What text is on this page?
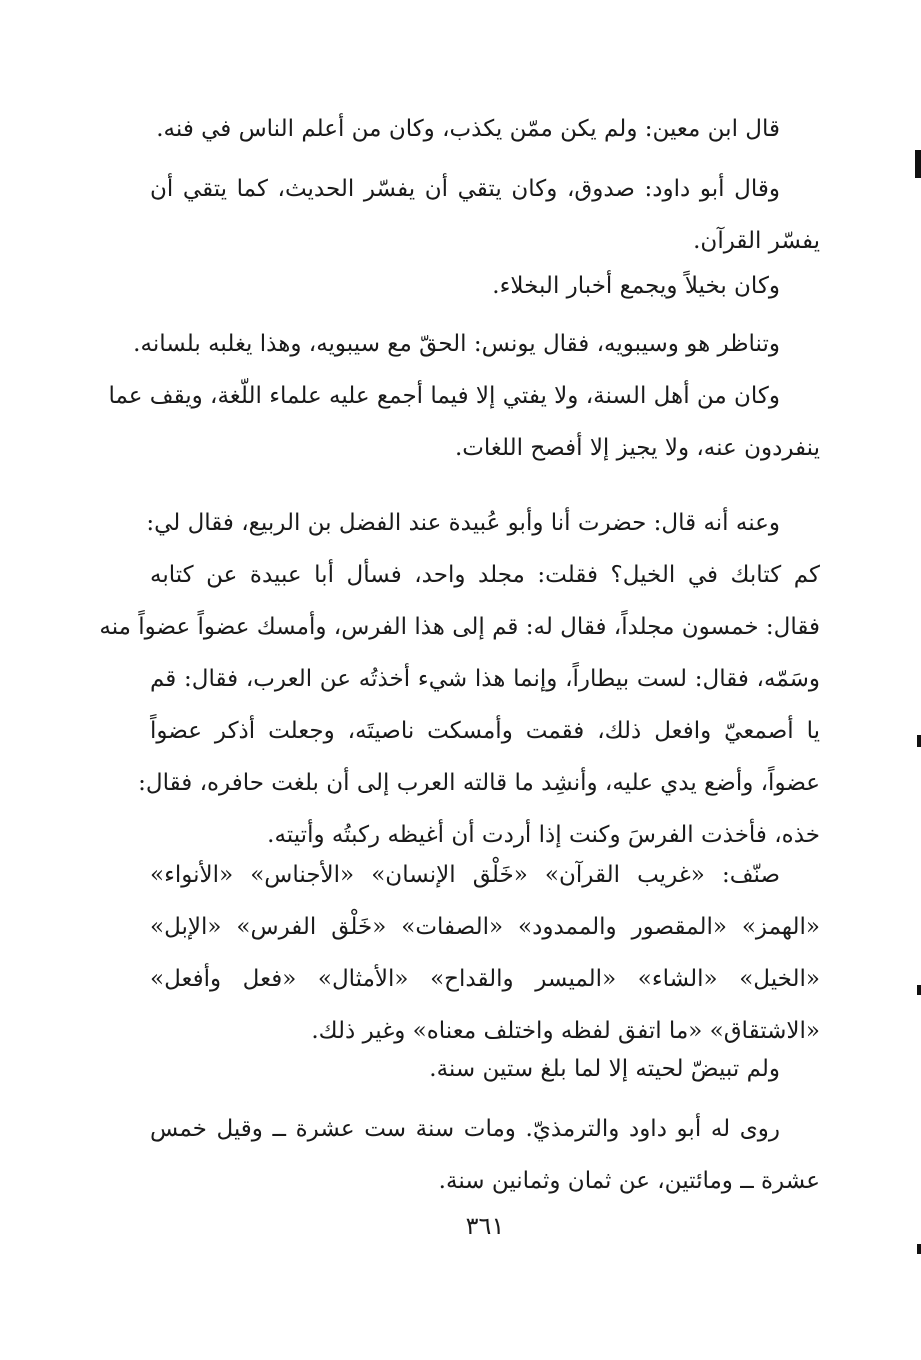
قال ابن معين: ولم يكن ممّن يكذب، وكان من أعلم الناس في فنه.

وقال أبو داود: صدوق، وكان يتقي أن يفسّر الحديث، كما يتقي أن
يفسّر القرآن.

وكان بخيلاً ويجمع أخبار البخلاء.

وتناظر هو وسيبويه، فقال يونس: الحقّ مع سيبويه، وهذا يغلبه بلسانه.

وكان من أهل السنة، ولا يفتي إلا فيما أجمع عليه علماء اللّغة، ويقف عما
ينفردون عنه، ولا يجيز إلا أفصح اللغات.

وعنه أنه قال: حضرت أنا وأبو عُبيدة عند الفضل بن الربيع، فقال لي:
كم كتابك في الخيل؟ فقلت: مجلد واحد، فسأل أبا عبيدة عن كتابه
فقال: خمسون مجلداً، فقال له: قم إلى هذا الفرس، وأمسك عضواً عضواً منه
وسَمّه، فقال: لست بيطاراً، وإنما هذا شيء أخذتُه عن العرب، فقال: قم
يا أصمعيّ وافعل ذلك، فقمت وأمسكت ناصيتَه، وجعلت أذكر عضواً
عضواً، وأضع يدي عليه، وأنشِد ما قالته العرب إلى أن بلغت حافره، فقال:
خذه، فأخذت الفرسَ وكنت إذا أردت أن أغيظه ركبتُه وأتيته.

صنّف: «غريب القرآن» «خَلْق الإنسان» «الأجناس» «الأنواء»
«الهمز» «المقصور والممدود» «الصفات» «خَلْق الفرس» «الإبل»
«الخيل» «الشاء» «الميسر والقداح» «الأمثال» «فعل وأفعل»
«الاشتقاق» «ما اتفق لفظه واختلف معناه» وغير ذلك.

ولم تبيضّ لحيته إلا لما بلغ ستين سنة.

روى له أبو داود والترمذيّ. ومات سنة ست عشرة ــ وقيل خمس
عشرة ــ ومائتين، عن ثمان وثمانين سنة.

٣٦١
